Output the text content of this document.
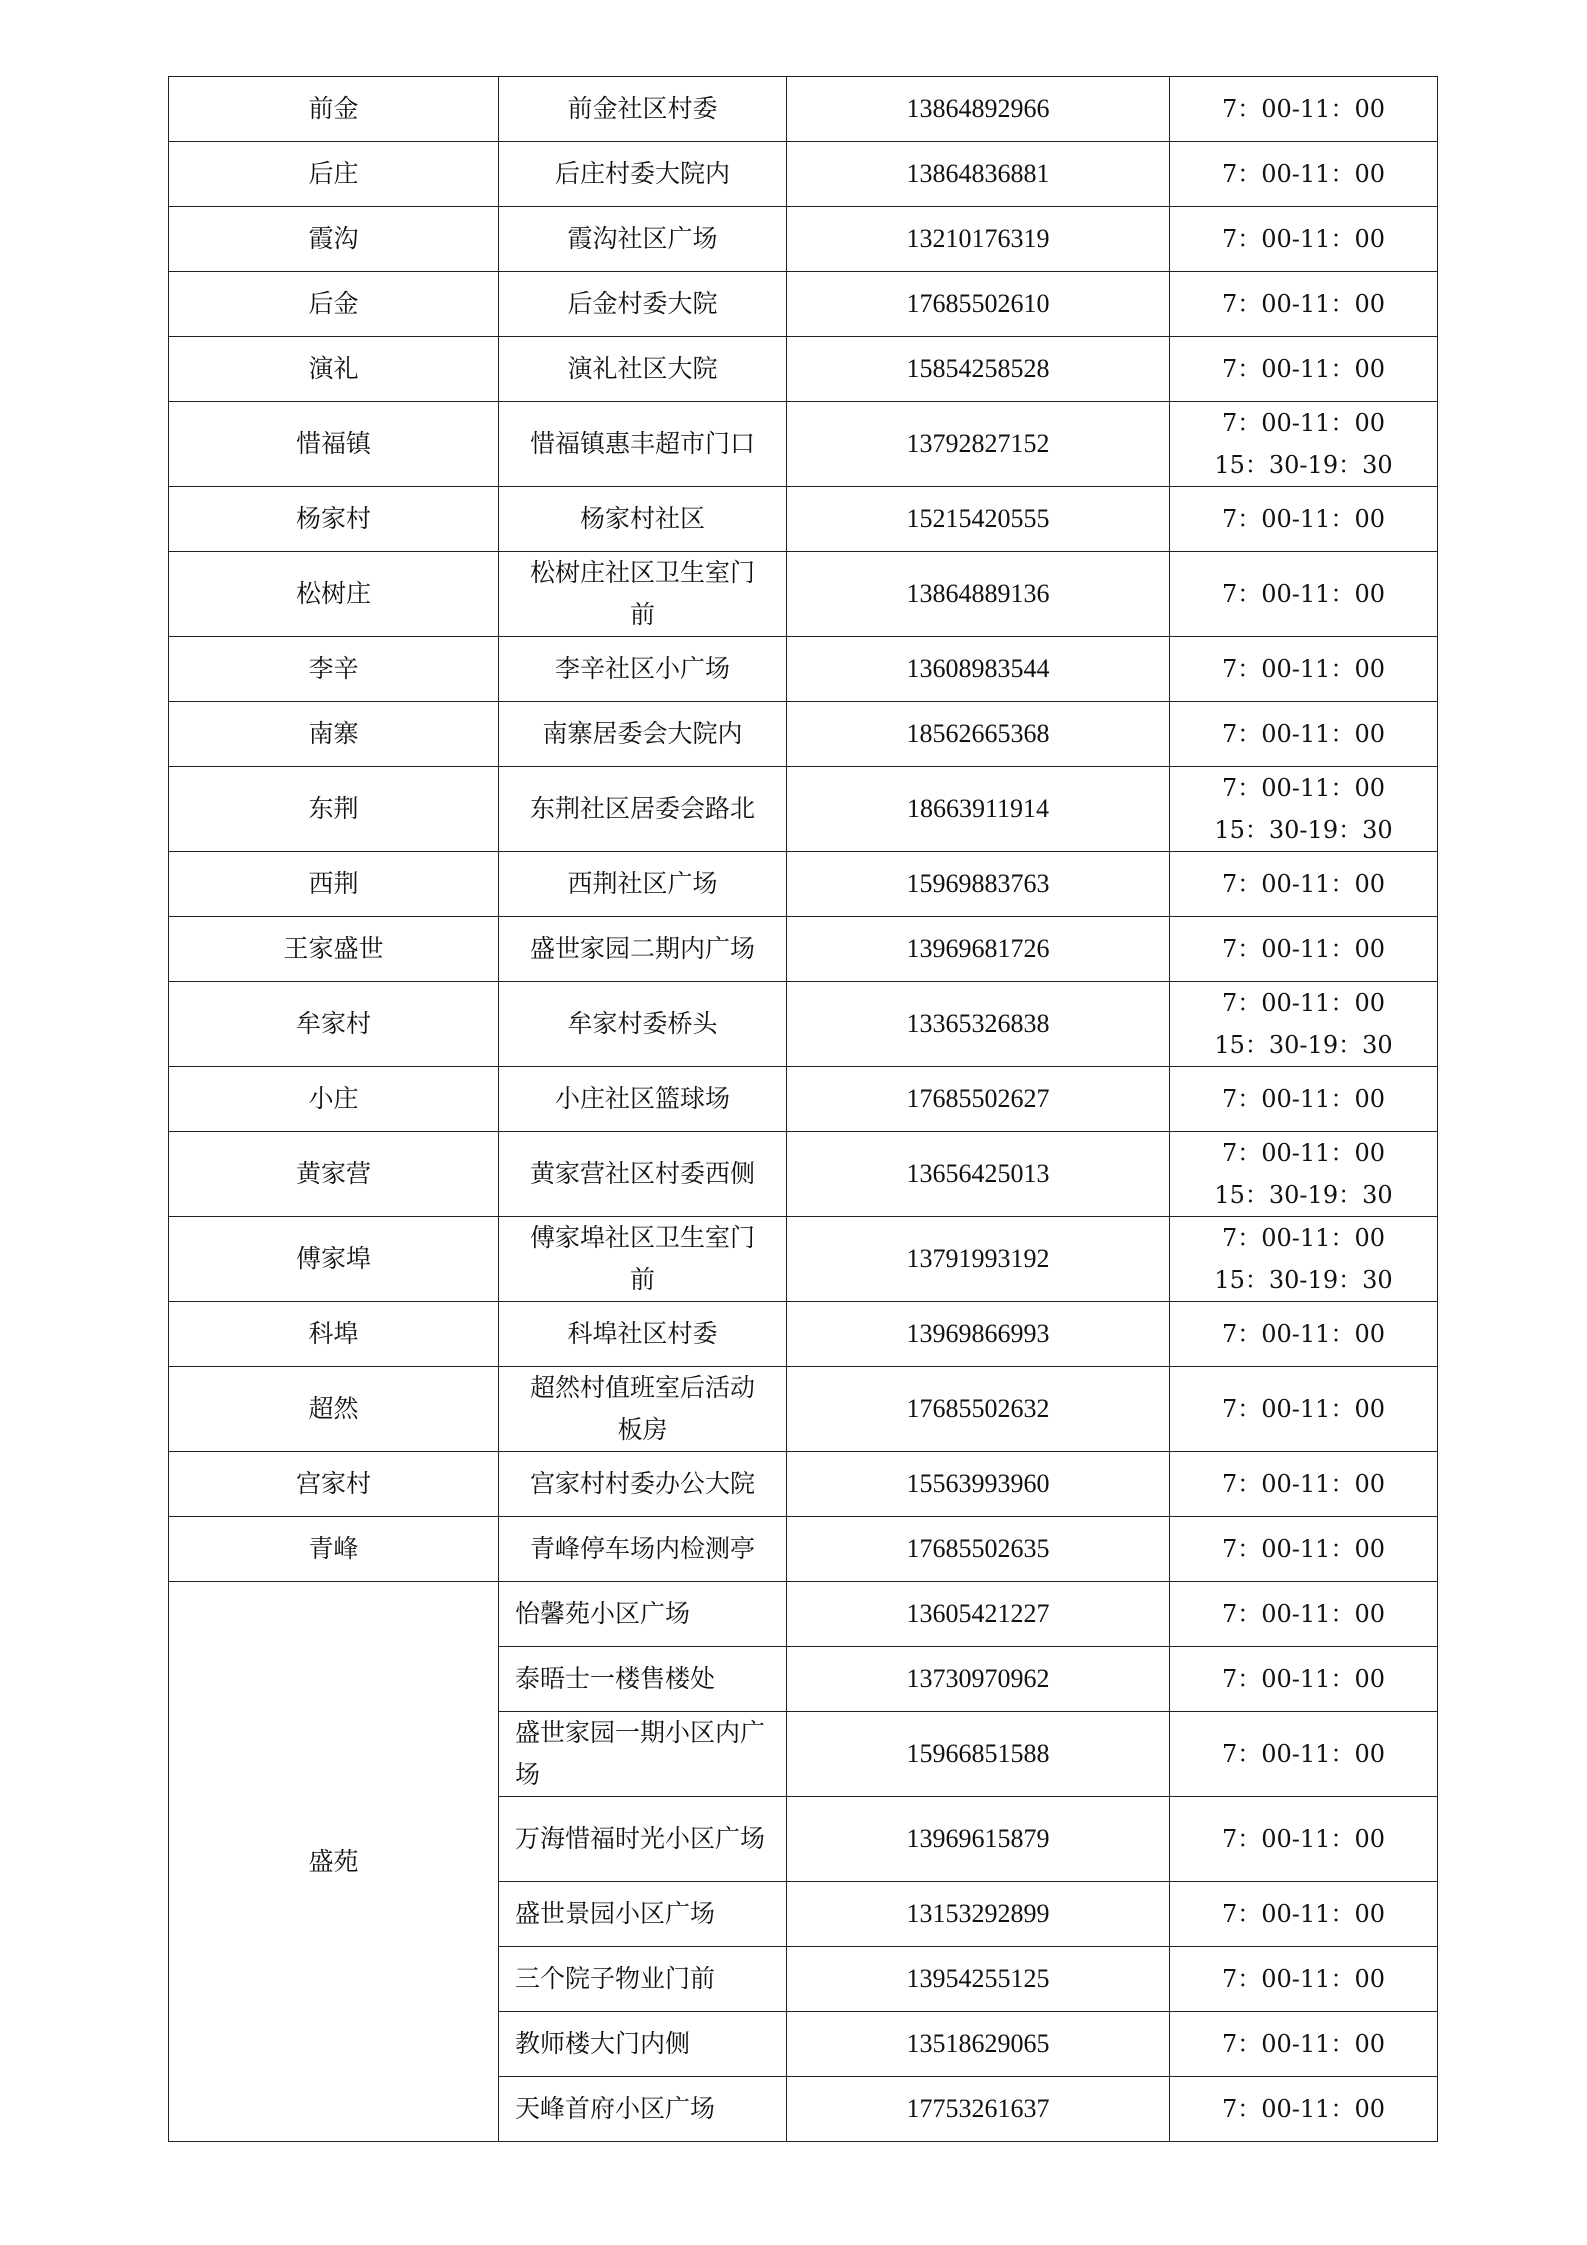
前金	前金社区村委	13864892966	7：00-11：00

后庄	后庄村委大院内	13864836881	7：00-11：00

霞沟	霞沟社区广场	13210176319	7：00-11：00

后金	后金村委大院	17685502610	7：00-11：00

演礼	演礼社区大院	15854258528	7：00-11：00

惜福镇	惜福镇惠丰超市门口	13792827152	7：00-11：00
15：30-19：30

杨家村	杨家村社区	15215420555	7：00-11：00

松树庄	松树庄社区卫生室门前	13864889136	7：00-11：00

李辛	李辛社区小广场	13608983544	7：00-11：00

南寨	南寨居委会大院内	18562665368	7：00-11：00

东荆	东荆社区居委会路北	18663911914	7：00-11：00
15：30-19：30

西荆	西荆社区广场	15969883763	7：00-11：00

王家盛世	盛世家园二期内广场	13969681726	7：00-11：00

牟家村	牟家村委桥头	13365326838	7：00-11：00
15：30-19：30

小庄	小庄社区篮球场	17685502627	7：00-11：00

黄家营	黄家营社区村委西侧	13656425013	7：00-11：00
15：30-19：30

傅家埠	傅家埠社区卫生室门前	13791993192	7：00-11：00
15：30-19：30

科埠	科埠社区村委	13969866993	7：00-11：00

超然	超然村值班室后活动板房	17685502632	7：00-11：00

宫家村	宫家村村委办公大院	15563993960	7：00-11：00

青峰	青峰停车场内检测亭	17685502635	7：00-11：00

盛苑	怡馨苑小区广场	13605421227	7：00-11：00

	泰晤士一楼售楼处	13730970962	7：00-11：00

	盛世家园一期小区内广场	15966851588	7：00-11：00

	万海惜福时光小区广场	13969615879	7：00-11：00

	盛世景园小区广场	13153292899	7：00-11：00

	三个院子物业门前	13954255125	7：00-11：00

	教师楼大门内侧	13518629065	7：00-11：00

	天峰首府小区广场	17753261637	7：00-11：00
